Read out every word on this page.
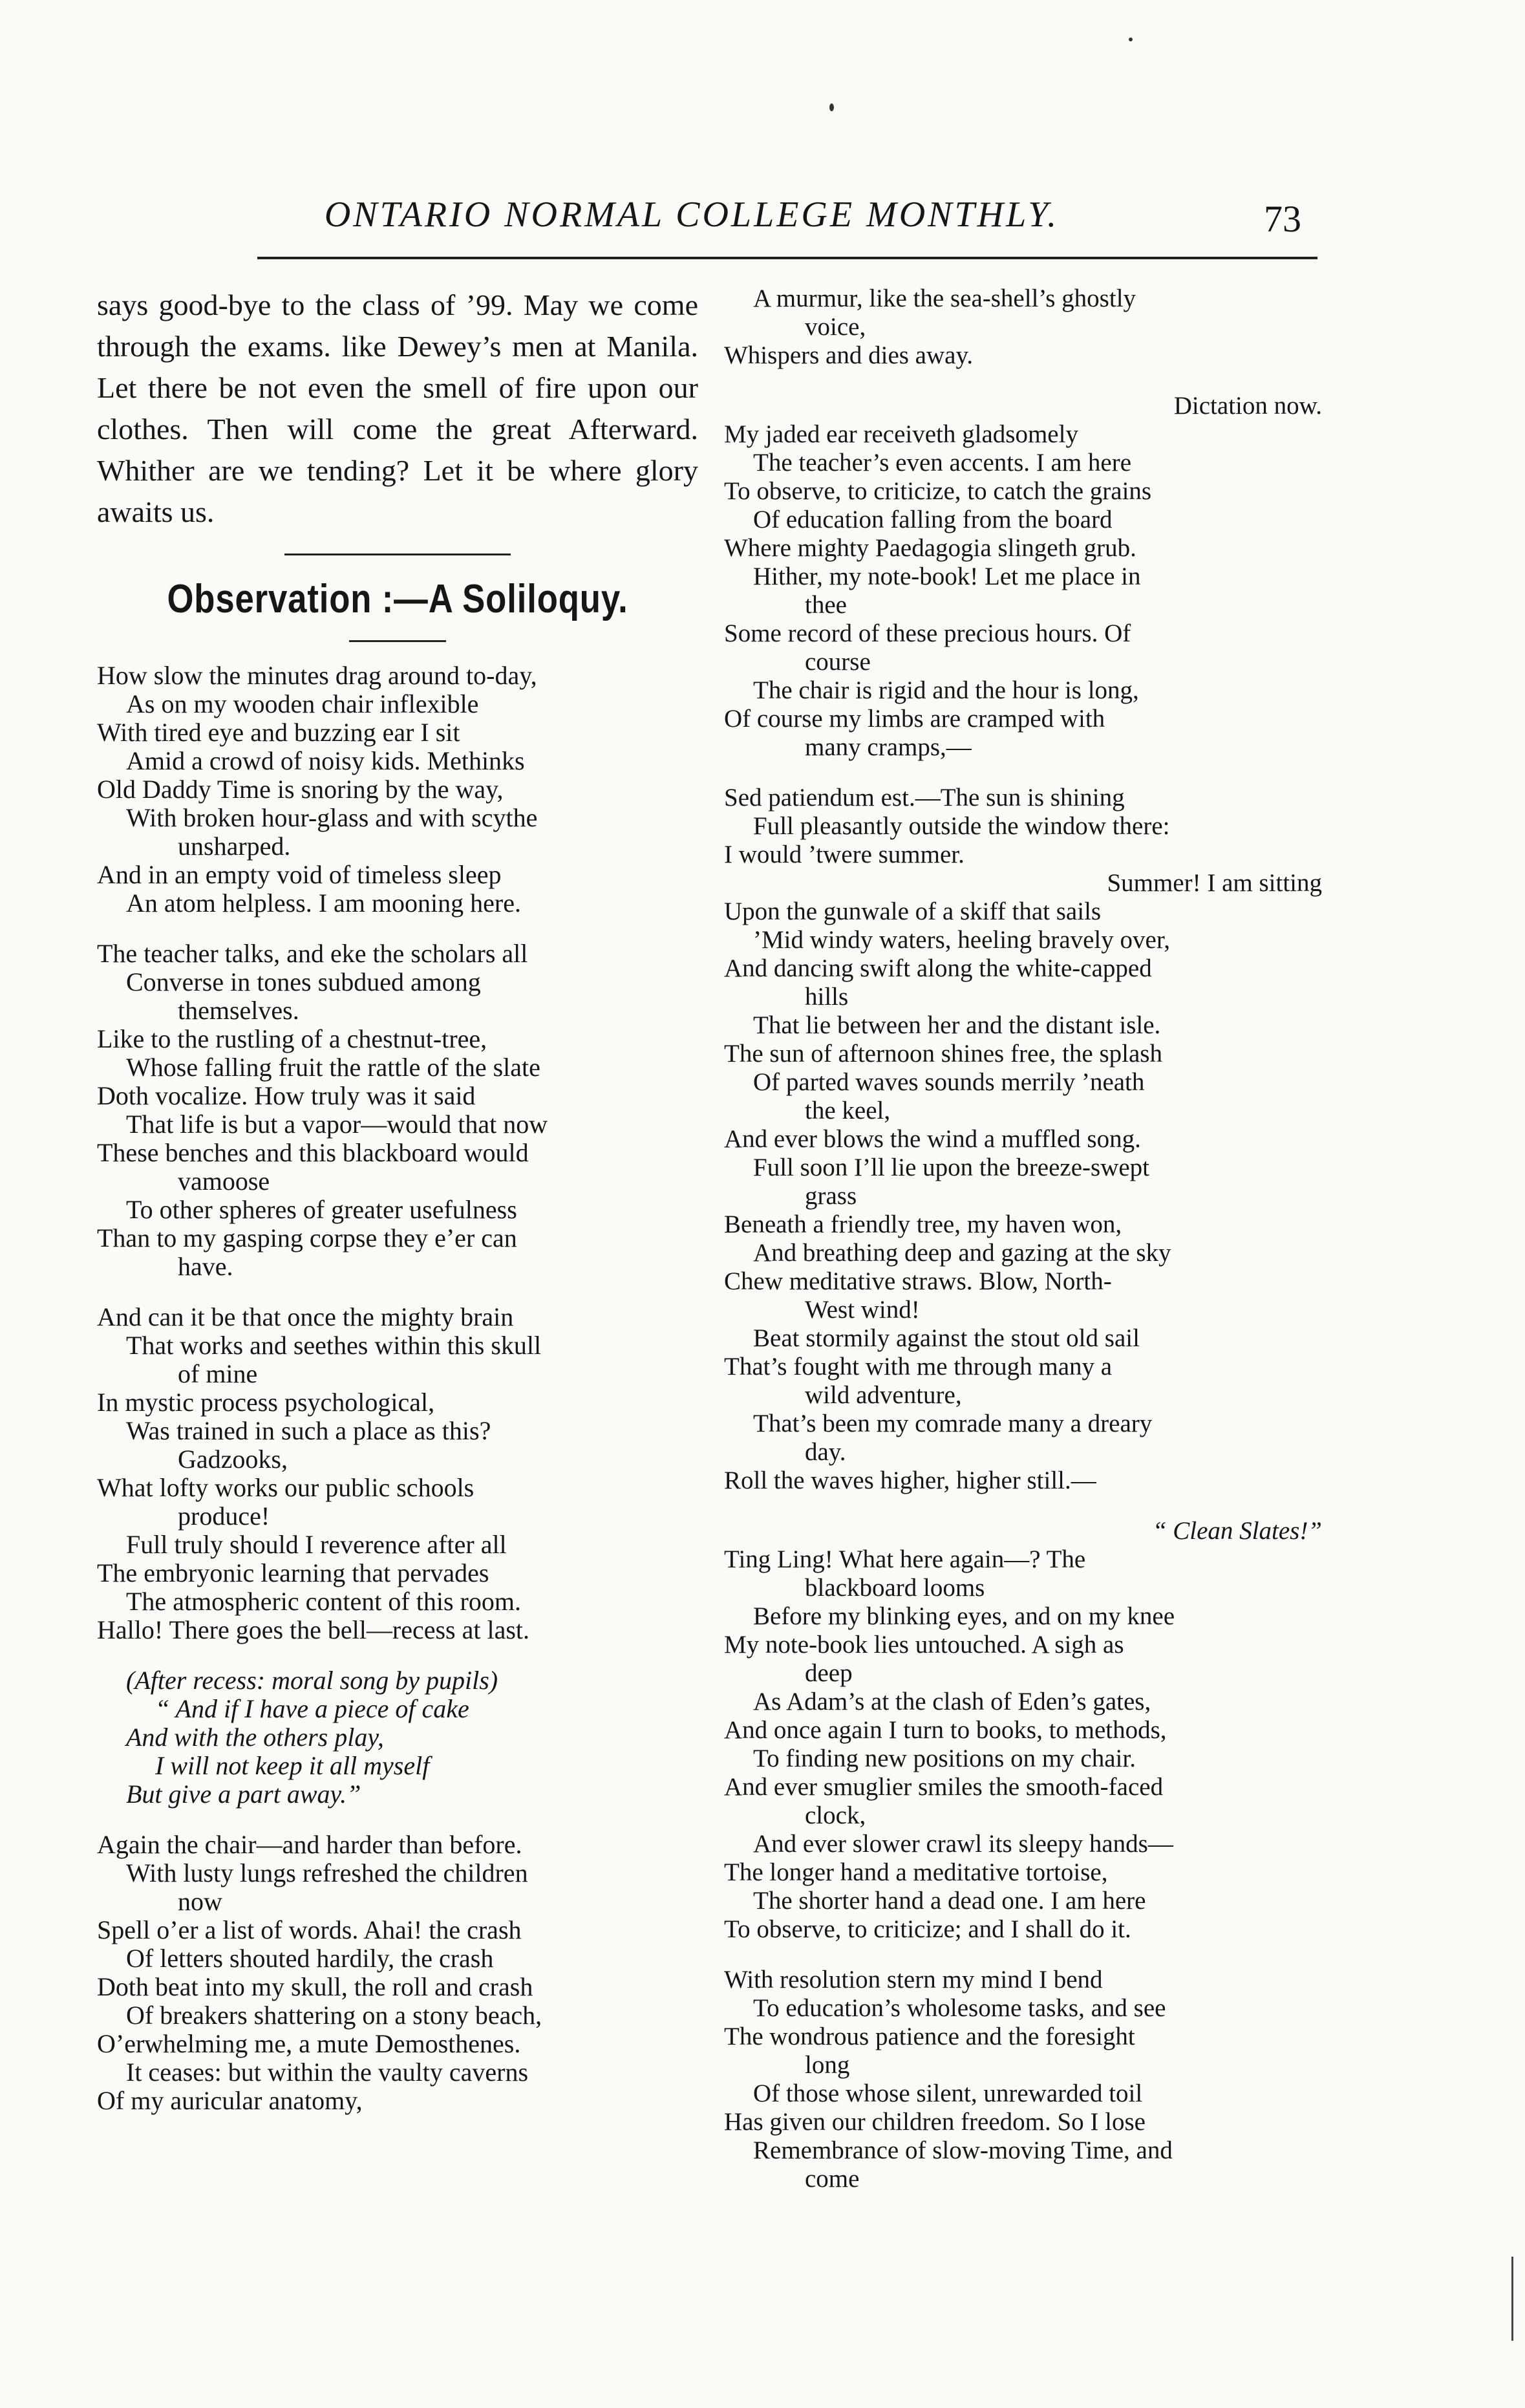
ONTARIO NORMAL COLLEGE MONTHLY.	73

says good-bye to the class of ’99. May we come through the exams. like Dewey’s men at Manila. Let there be not even the smell of fire upon our clothes. Then will come the great Afterward. Whither are we tending? Let it be where glory awaits us.

Observation :—A Soliloquy.
How slow the minutes drag around to-day,
As on my wooden chair inflexible
With tired eye and buzzing ear I sit
Amid a crowd of noisy kids. Methinks
Old Daddy Time is snoring by the way,
With broken hour-glass and with scythe
unsharped.
And in an empty void of timeless sleep
An atom helpless. I am mooning here.
The teacher talks, and eke the scholars all
Converse in tones subdued among
themselves.
Like to the rustling of a chestnut-tree,
Whose falling fruit the rattle of the slate
Doth vocalize. How truly was it said
That life is but a vapor—would that now
These benches and this blackboard would
vamoose
To other spheres of greater usefulness
Than to my gasping corpse they e’er can
have.
And can it be that once the mighty brain
That works and seethes within this skull
of mine
In mystic process psychological,
Was trained in such a place as this?
Gadzooks,
What lofty works our public schools
produce!
Full truly should I reverence after all
The embryonic learning that pervades
The atmospheric content of this room.
Hallo! There goes the bell—recess at last.
(After recess: moral song by pupils)
“ And if I have a piece of cake
And with the others play,
I will not keep it all myself
But give a part away.”
Again the chair—and harder than before.
With lusty lungs refreshed the children
now
Spell o’er a list of words. Ahai! the crash
Of letters shouted hardily, the crash
Doth beat into my skull, the roll and crash
Of breakers shattering on a stony beach,
O’erwhelming me, a mute Demosthenes.
It ceases: but within the vaulty caverns
Of my auricular anatomy,
A murmur, like the sea-shell’s ghostly
voice,
Whispers and dies away.
Dictation now.
My jaded ear receiveth gladsomely
The teacher’s even accents. I am here
To observe, to criticize, to catch the grains
Of education falling from the board
Where mighty Paedagogia slingeth grub.
Hither, my note-book! Let me place in
thee
Some record of these precious hours. Of
course
The chair is rigid and the hour is long,
Of course my limbs are cramped with
many cramps,—
Sed patiendum est.—The sun is shining
Full pleasantly outside the window there:
I would ’twere summer.
Summer! I am sitting
Upon the gunwale of a skiff that sails
’Mid windy waters, heeling bravely over,
And dancing swift along the white-capped
hills
That lie between her and the distant isle.
The sun of afternoon shines free, the splash
Of parted waves sounds merrily ’neath
the keel,
And ever blows the wind a muffled song.
Full soon I’ll lie upon the breeze-swept
grass
Beneath a friendly tree, my haven won,
And breathing deep and gazing at the sky
Chew meditative straws. Blow, North-
West wind!
Beat stormily against the stout old sail
That’s fought with me through many a
wild adventure,
That’s been my comrade many a dreary
day.
Roll the waves higher, higher still.—
“ Clean Slates!”
Ting Ling! What here again—? The
blackboard looms
Before my blinking eyes, and on my knee
My note-book lies untouched. A sigh as
deep
As Adam’s at the clash of Eden’s gates,
And once again I turn to books, to methods,
To finding new positions on my chair.
And ever smuglier smiles the smooth-faced
clock,
And ever slower crawl its sleepy hands—
The longer hand a meditative tortoise,
The shorter hand a dead one. I am here
To observe, to criticize; and I shall do it.
With resolution stern my mind I bend
To education’s wholesome tasks, and see
The wondrous patience and the foresight
long
Of those whose silent, unrewarded toil
Has given our children freedom. So I lose
Remembrance of slow-moving Time, and
come
